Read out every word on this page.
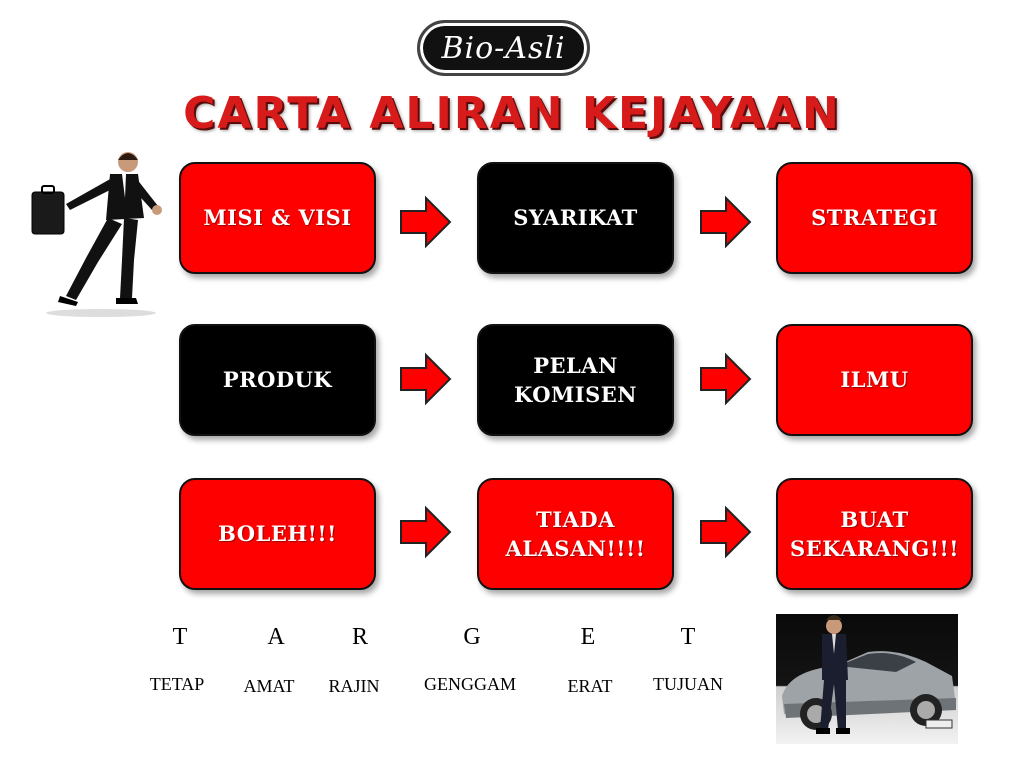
Bio-Asli
CARTA ALIRAN KEJAYAAN
MISI & VISI	SYARIKAT	STRATEGI
PRODUK
PELAN KOMISEN
ILMU
BOLEH!!!
TIADA ALASAN!!!!
BUAT SEKARANG!!!
T	A	R	G	E	T
TETAP	AMAT	RAJIN	GENGGAM	ERAT	TUJUAN
